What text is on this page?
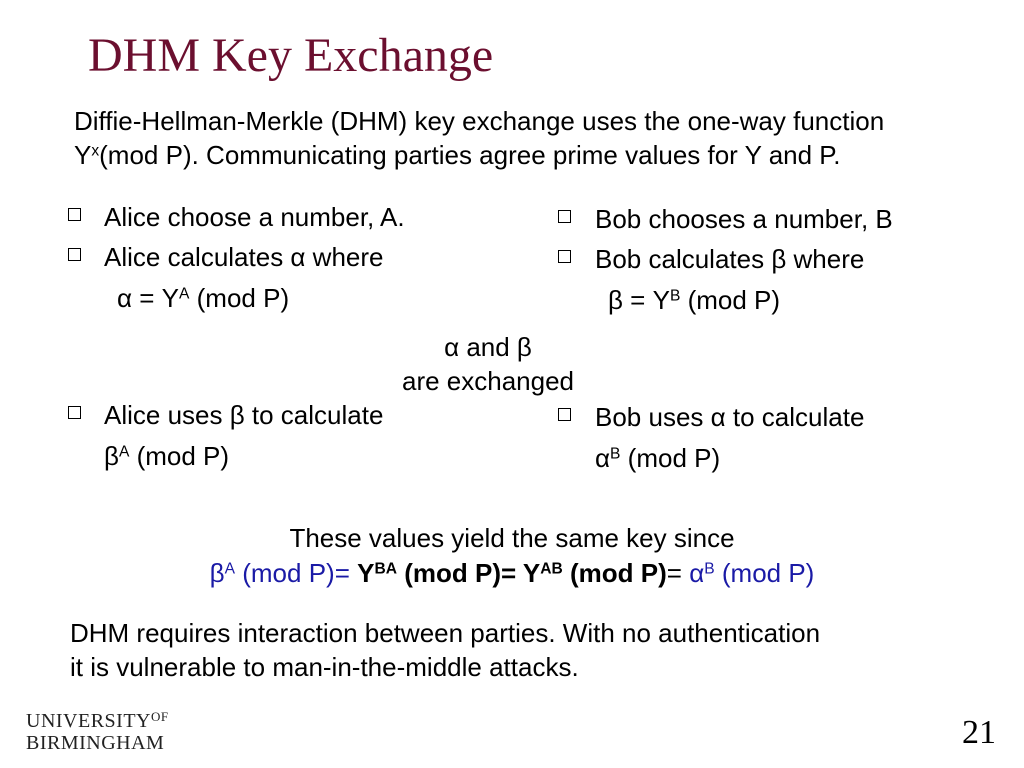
DHM Key Exchange
Diffie-Hellman-Merkle (DHM) key exchange uses the one-way function
$Y^x(mod$ P). Communicating parties agree prime values for Y and P.
Alice choose a number, A.
Alice calculates α where
$\alpha = Y^A$ (mod P)
Alice uses β to calculate
$\beta^A$ (mod P)
Bob chooses a number, B
Bob calculates β where
$\beta = Y^B$ (mod P)
Bob uses α to calculate
$\alpha^B$ (mod P)
α and β
are exchanged
These values yield the same key since
$\beta^A$ (mod $P)= Y^{BA}$ (mod $P)= Y^{AB}$ (mod $P)= \alpha^B$ (mod P)
DHM requires interaction between parties. With no authentication
it is vulnerable to man-in-the-middle attacks.
$UNIVERSITY^{OF}$
BIRMINGHAM	21
